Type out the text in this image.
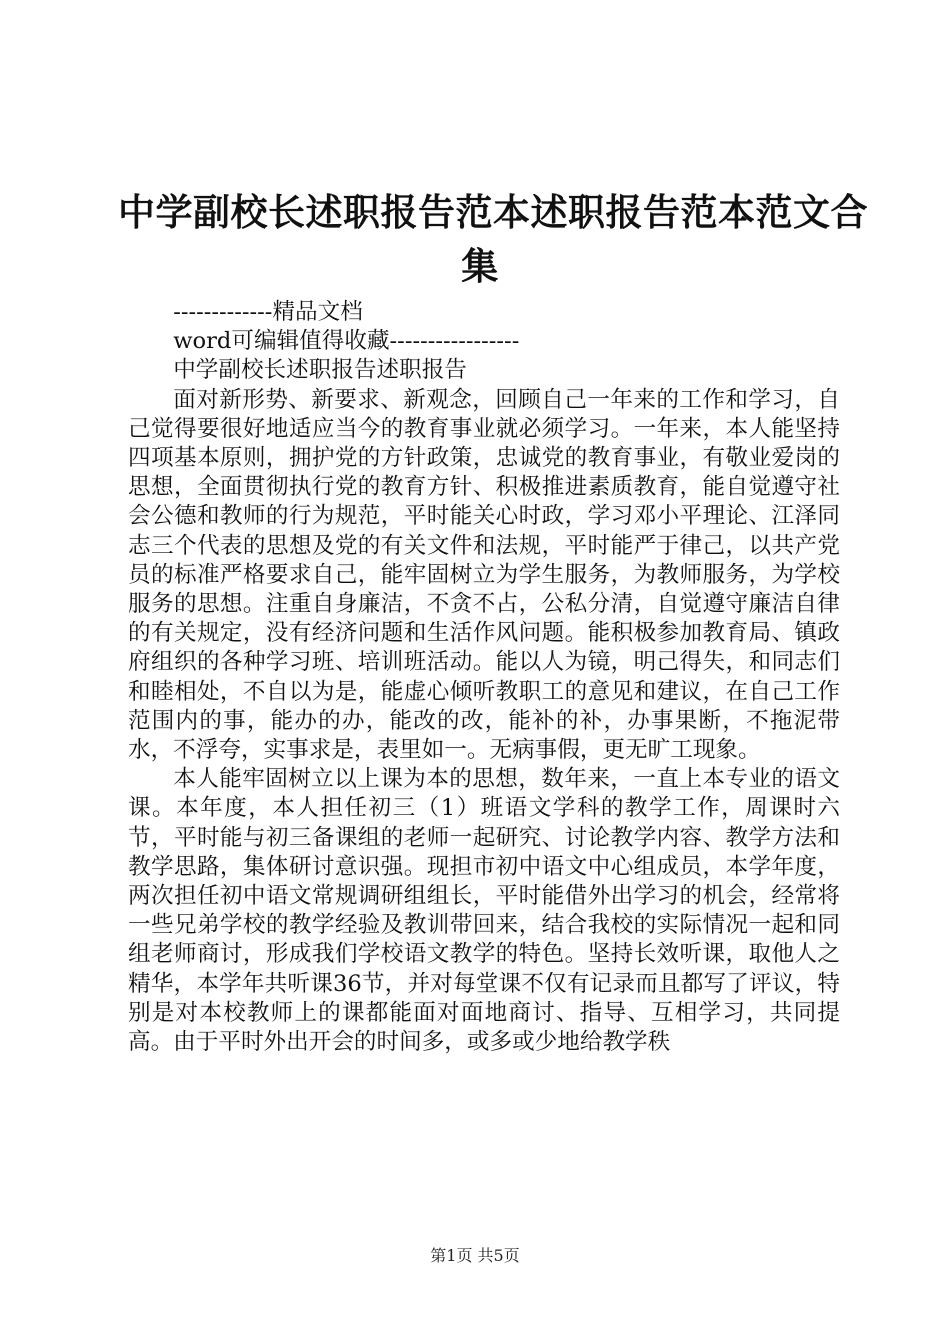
中学副校长述职报告范本述职报告范本范文合
集
-------------精品文档
word可编辑值得收藏-----------------
中学副校长述职报告述职报告

面对新形势、新要求、新观念，回顾自己一年来的工作和学习，自己觉得要很好地适应当今的教育事业就必须学习。一年来，本人能坚持四项基本原则，拥护党的方针政策，忠诚党的教育事业，有敬业爱岗的思想，全面贯彻执行党的教育方针、积极推进素质教育，能自觉遵守社会公德和教师的行为规范，平时能关心时政，学习邓小平理论、江泽同志三个代表的思想及党的有关文件和法规，平时能严于律己，以共产党员的标准严格要求自己，能牢固树立为学生服务，为教师服务，为学校服务的思想。注重自身廉洁，不贪不占，公私分清，自觉遵守廉洁自律的有关规定，没有经济问题和生活作风问题。能积极参加教育局、镇政府组织的各种学习班、培训班活动。能以人为镜，明己得失，和同志们和睦相处，不自以为是，能虚心倾听教职工的意见和建议，在自己工作范围内的事，能办的办，能改的改，能补的补，办事果断，不拖泥带水，不浮夸，实事求是，表里如一。无病事假，更无旷工现象。

本人能牢固树立以上课为本的思想，数年来，一直上本专业的语文课。本年度，本人担任初三（1）班语文学科的教学工作，周课时六节，平时能与初三备课组的老师一起研究、讨论教学内容、教学方法和教学思路，集体研讨意识强。现担市初中语文中心组成员，本学年度，两次担任初中语文常规调研组组长，平时能借外出学习的机会，经常将一些兄弟学校的教学经验及教训带回来，结合我校的实际情况一起和同组老师商讨，形成我们学校语文教学的特色。坚持长效听课，取他人之精华，本学年共听课36节，并对每堂课不仅有记录而且都写了评议，特别是对本校教师上的课都能面对面地商讨、指导、互相学习，共同提高。由于平时外出开会的时间多，或多或少地给教学秩

第1页 共5页
